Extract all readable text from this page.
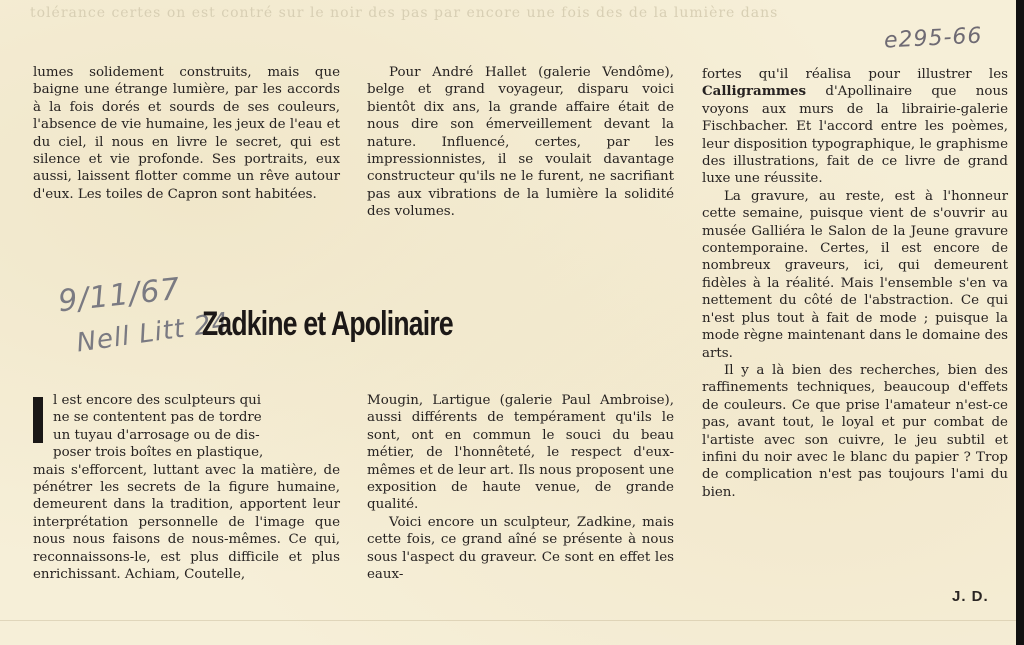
tolérance certes on est contré sur le noir des pas par encore une fois des de la lumière dans
e295-66

lumes solidement construits, mais que baigne une étrange lumière, par les accords à la fois dorés et sourds de ses couleurs, l'absence de vie humaine, les jeux de l'eau et du ciel, il nous en livre le secret, qui est silence et vie profonde. Ses portraits, eux aussi, laissent flotter comme un rêve autour d'eux. Les toiles de Capron sont habitées.

Pour André Hallet (galerie Vendôme), belge et grand voyageur, disparu voici bientôt dix ans, la grande affaire était de nous dire son émerveillement devant la nature. Influencé, certes, par les impressionnistes, il se voulait davantage constructeur qu'ils ne le furent, ne sacrifiant pas aux vibrations de la lumière la solidité des volumes.

9/11/67
Nell Litt 24
Zadkine et Apolinaire
l est encore des sculpteurs qui
ne se contentent pas de tordre
un tuyau d'arrosage ou de dis-
poser trois boîtes en plastique,

mais s'efforcent, luttant avec la matière, de pénétrer les secrets de la figure humaine, demeurent dans la tradition, apportent leur interprétation personnelle de l'image que nous nous faisons de nous-mêmes. Ce qui, reconnaissons-le, est plus difficile et plus enrichissant. Achiam, Coutelle,

Mougin, Lartigue (galerie Paul Ambroise), aussi différents de tempérament qu'ils le sont, ont en commun le souci du beau métier, de l'honnêteté, le respect d'eux-mêmes et de leur art. Ils nous proposent une exposition de haute venue, de grande qualité.

Voici encore un sculpteur, Zadkine, mais cette fois, ce grand aîné se présente à nous sous l'aspect du graveur. Ce sont en effet les eaux-

fortes qu'il réalisa pour illustrer les Calligrammes d'Apollinaire que nous voyons aux murs de la librairie-galerie Fischbacher. Et l'accord entre les poèmes, leur disposition typographique, le graphisme des illustrations, fait de ce livre de grand luxe une réussite.

La gravure, au reste, est à l'honneur cette semaine, puisque vient de s'ouvrir au musée Galliéra le Salon de la Jeune gravure contemporaine. Certes, il est encore de nombreux graveurs, ici, qui demeurent fidèles à la réalité. Mais l'ensemble s'en va nettement du côté de l'abstraction. Ce qui n'est plus tout à fait de mode ; puisque la mode règne maintenant dans le domaine des arts.

Il y a là bien des recherches, bien des raffinements techniques, beaucoup d'effets de couleurs. Ce que prise l'amateur n'est-ce pas, avant tout, le loyal et pur combat de l'artiste avec son cuivre, le jeu subtil et infini du noir avec le blanc du papier ? Trop de complication n'est pas toujours l'ami du bien.

J. D.
